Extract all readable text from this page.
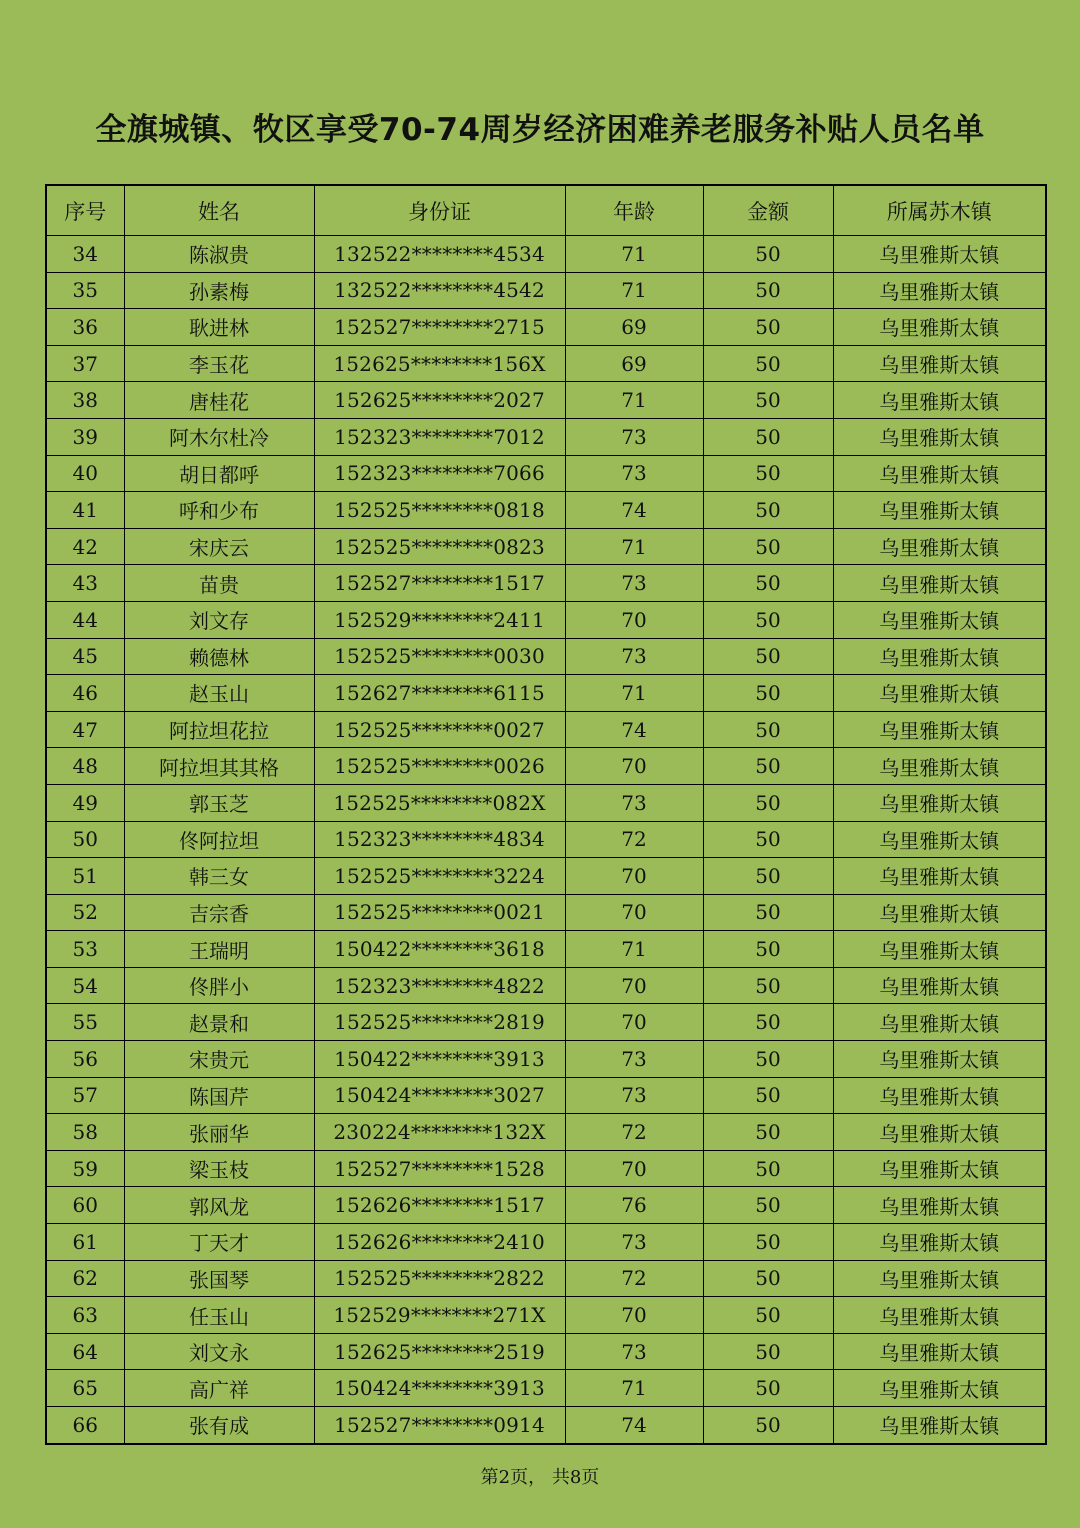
全旗城镇、牧区享受70-74周岁经济困难养老服务补贴人员名单
序号	姓名	身份证	年龄	金额	所属苏木镇
34	陈淑贵	132522********4534	71	50	乌里雅斯太镇
35	孙素梅	132522********4542	71	50	乌里雅斯太镇
36	耿进林	152527********2715	69	50	乌里雅斯太镇
37	李玉花	152625********156X	69	50	乌里雅斯太镇
38	唐桂花	152625********2027	71	50	乌里雅斯太镇
39	阿木尔杜冷	152323********7012	73	50	乌里雅斯太镇
40	胡日都呼	152323********7066	73	50	乌里雅斯太镇
41	呼和少布	152525********0818	74	50	乌里雅斯太镇
42	宋庆云	152525********0823	71	50	乌里雅斯太镇
43	苗贵	152527********1517	73	50	乌里雅斯太镇
44	刘文存	152529********2411	70	50	乌里雅斯太镇
45	赖德林	152525********0030	73	50	乌里雅斯太镇
46	赵玉山	152627********6115	71	50	乌里雅斯太镇
47	阿拉坦花拉	152525********0027	74	50	乌里雅斯太镇
48	阿拉坦其其格	152525********0026	70	50	乌里雅斯太镇
49	郭玉芝	152525********082X	73	50	乌里雅斯太镇
50	佟阿拉坦	152323********4834	72	50	乌里雅斯太镇
51	韩三女	152525********3224	70	50	乌里雅斯太镇
52	吉宗香	152525********0021	70	50	乌里雅斯太镇
53	王瑞明	150422********3618	71	50	乌里雅斯太镇
54	佟胖小	152323********4822	70	50	乌里雅斯太镇
55	赵景和	152525********2819	70	50	乌里雅斯太镇
56	宋贵元	150422********3913	73	50	乌里雅斯太镇
57	陈国芹	150424********3027	73	50	乌里雅斯太镇
58	张丽华	230224********132X	72	50	乌里雅斯太镇
59	梁玉枝	152527********1528	70	50	乌里雅斯太镇
60	郭风龙	152626********1517	76	50	乌里雅斯太镇
61	丁天才	152626********2410	73	50	乌里雅斯太镇
62	张国琴	152525********2822	72	50	乌里雅斯太镇
63	任玉山	152529********271X	70	50	乌里雅斯太镇
64	刘文永	152625********2519	73	50	乌里雅斯太镇
65	高广祥	150424********3913	71	50	乌里雅斯太镇
66	张有成	152527********0914	74	50	乌里雅斯太镇
第2页， 共8页
